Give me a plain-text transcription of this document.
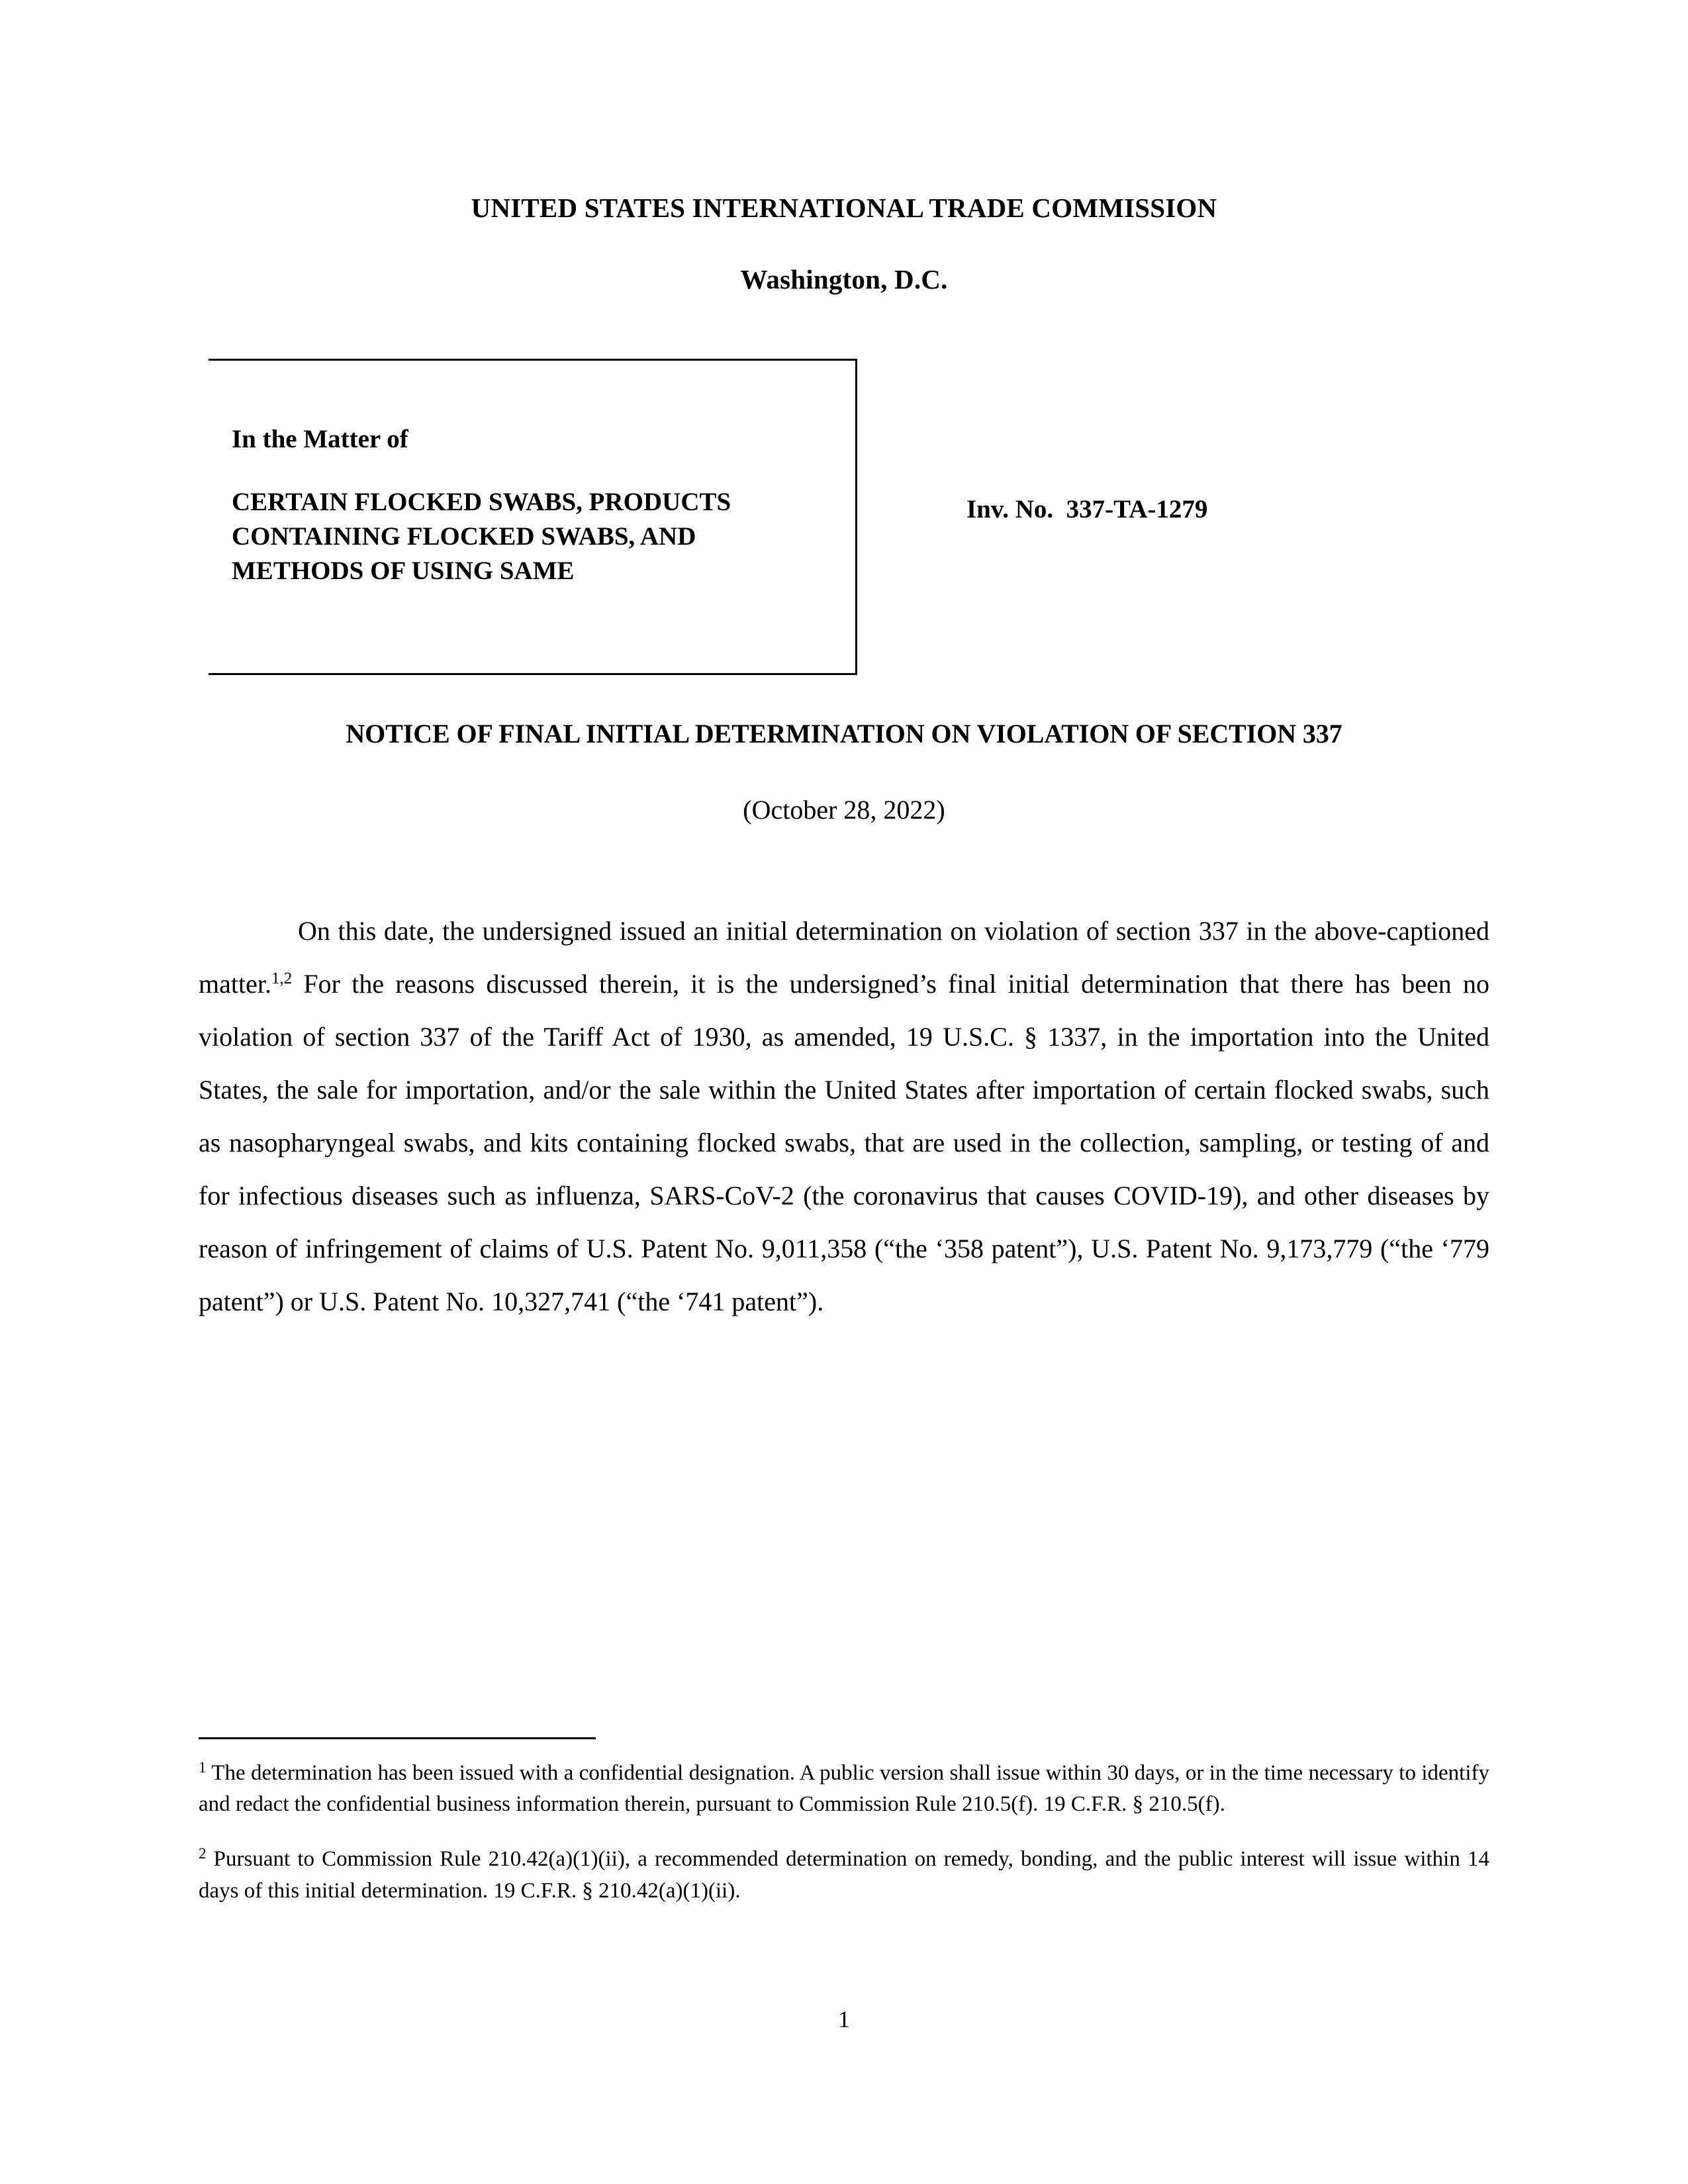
UNITED STATES INTERNATIONAL TRADE COMMISSION
Washington, D.C.
In the Matter of
CERTAIN FLOCKED SWABS, PRODUCTS CONTAINING FLOCKED SWABS, AND METHODS OF USING SAME
Inv. No.  337-TA-1279
NOTICE OF FINAL INITIAL DETERMINATION ON VIOLATION OF SECTION 337
(October 28, 2022)
On this date, the undersigned issued an initial determination on violation of section 337 in the above-captioned matter.$^{1,2}$ For the reasons discussed therein, it is the undersigned’s final initial determination that there has been no violation of section 337 of the Tariff Act of 1930, as amended, 19 U.S.C. § 1337, in the importation into the United States, the sale for importation, and/or the sale within the United States after importation of certain flocked swabs, such as nasopharyngeal swabs, and kits containing flocked swabs, that are used in the collection, sampling, or testing of and for infectious diseases such as influenza, SARS-CoV-2 (the coronavirus that causes COVID-19), and other diseases by reason of infringement of claims of U.S. Patent No. 9,011,358 (“the ‘358 patent”), U.S. Patent No. 9,173,779 (“the ‘779 patent”) or U.S. Patent No. 10,327,741 (“the ‘741 patent”).
$^1$ The determination has been issued with a confidential designation. A public version shall issue within 30 days, or in the time necessary to identify and redact the confidential business information therein, pursuant to Commission Rule 210.5(f). 19 C.F.R. § 210.5(f).
$^2$ Pursuant to Commission Rule 210.42(a)(1)(ii), a recommended determination on remedy, bonding, and the public interest will issue within 14 days of this initial determination. 19 C.F.R. § 210.42(a)(1)(ii).
1
